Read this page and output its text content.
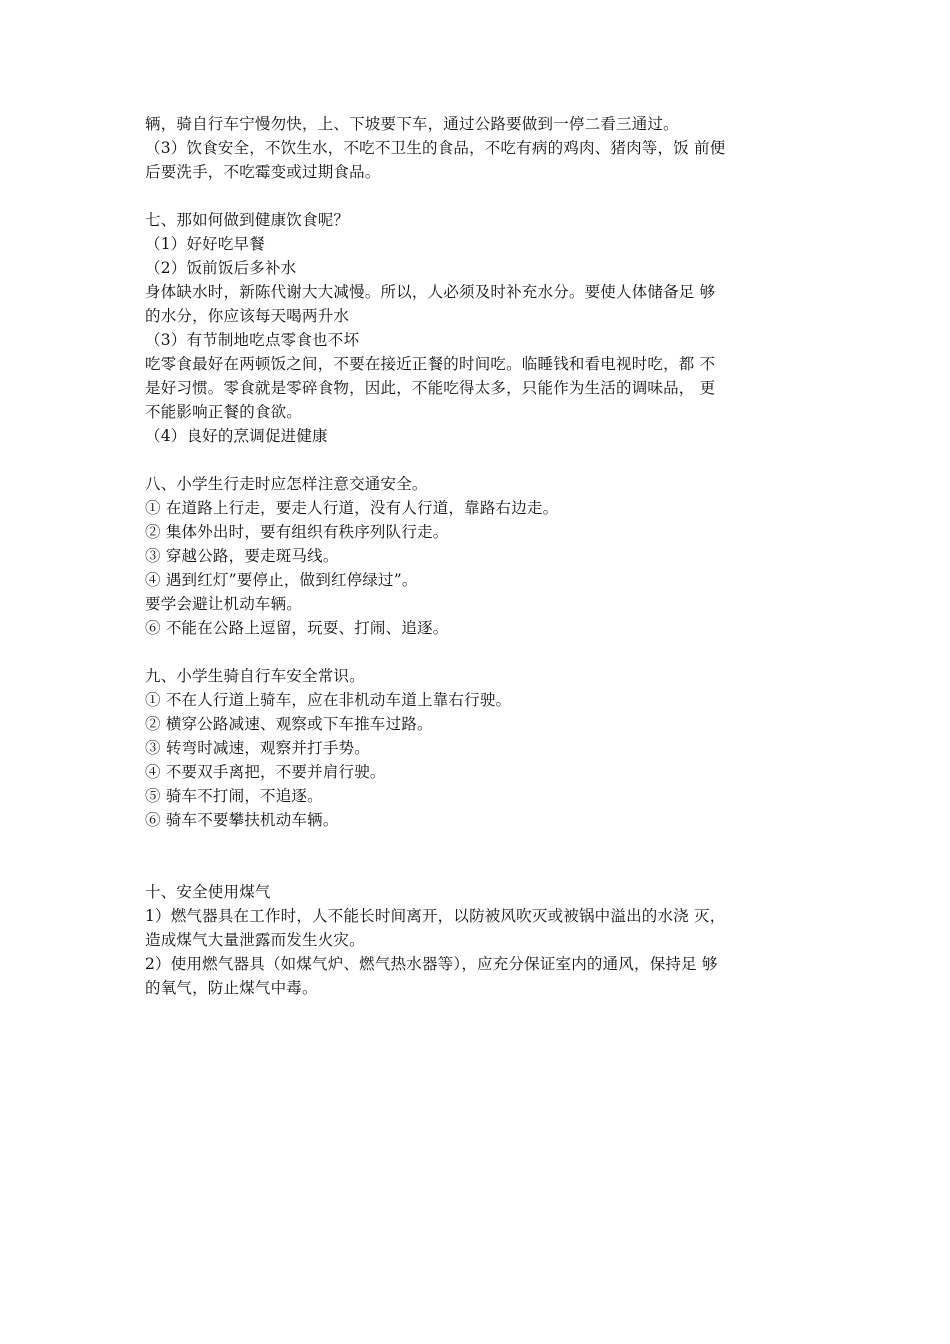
辆，骑自行车宁慢勿快，上、下坡要下车，通过公路要做到一停二看三通过。
（3）饮食安全，不饮生水，不吃不卫生的食品，不吃有病的鸡肉、猪肉等，饭 前便
后要洗手，不吃霉变或过期食品。
七、那如何做到健康饮食呢？
（1）好好吃早餐
（2）饭前饭后多补水
身体缺水时，新陈代谢大大减慢。所以，人必须及时补充水分。要使人体储备足 够
的水分，你应该每天喝两升水
（3）有节制地吃点零食也不坏
吃零食最好在两顿饭之间，不要在接近正餐的时间吃。临睡钱和看电视时吃，都 不
是好习惯。零食就是零碎食物，因此，不能吃得太多，只能作为生活的调味品， 更
不能影响正餐的食欲。
（4）良好的烹调促进健康
八、小学生行走时应怎样注意交通安全。
① 在道路上行走，要走人行道，没有人行道，靠路右边走。
② 集体外出时，要有组织有秩序列队行走。
③ 穿越公路，要走斑马线。
④ 遇到红灯”要停止，做到红停绿过”。
要学会避让机动车辆。
⑥ 不能在公路上逗留，玩耍、打闹、追逐。
九、小学生骑自行车安全常识。
① 不在人行道上骑车，应在非机动车道上靠右行驶。
② 横穿公路减速、观察或下车推车过路。
③ 转弯时减速，观察并打手势。
④ 不要双手离把，不要并肩行驶。
⑤ 骑车不打闹，不追逐。
⑥ 骑车不要攀扶机动车辆。
十、安全使用煤气
1）燃气器具在工作时，人不能长时间离开，以防被风吹灭或被锅中溢出的水浇 灭，
造成煤气大量泄露而发生火灾。
2）使用燃气器具（如煤气炉、燃气热水器等），应充分保证室内的通风，保持足 够
的氧气，防止煤气中毒。
